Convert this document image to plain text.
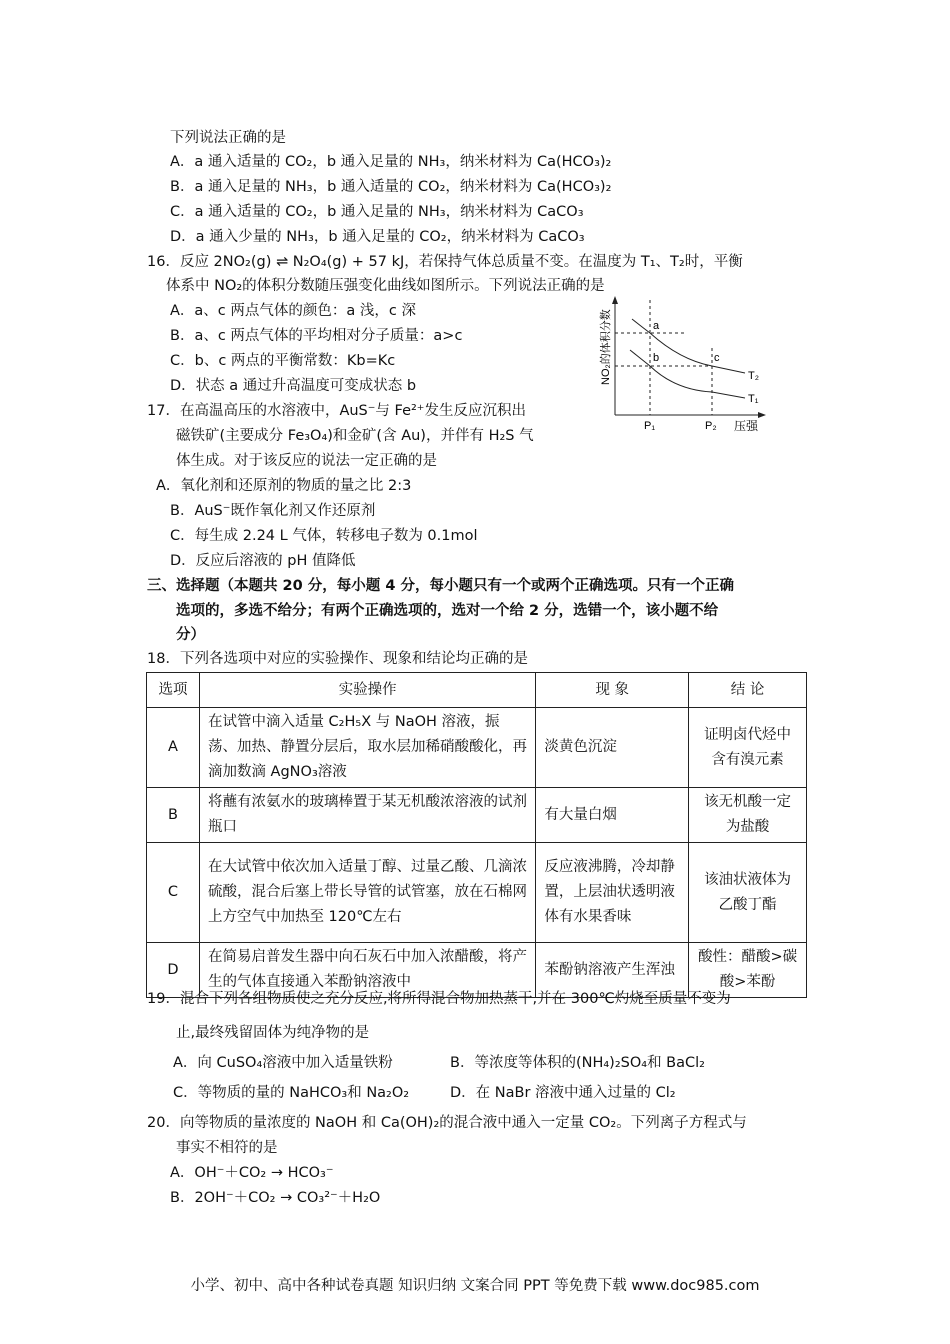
下列说法正确的是
A．a 通入适量的 CO₂，b 通入足量的 NH₃，纳米材料为 Ca(HCO₃)₂
B．a 通入足量的 NH₃，b 通入适量的 CO₂，纳米材料为 Ca(HCO₃)₂
C．a 通入适量的 CO₂，b 通入足量的 NH₃，纳米材料为 CaCO₃
D．a 通入少量的 NH₃，b 通入足量的 CO₂，纳米材料为 CaCO₃
16．反应 2NO₂(g) ⇌ N₂O₄(g) + 57 kJ，若保持气体总质量不变。在温度为 T₁、T₂时，平衡
体系中 NO₂的体积分数随压强变化曲线如图所示。下列说法正确的是
A．a、c 两点气体的颜色：a 浅，c 深
B．a、c 两点气体的平均相对分子质量：a>c
C．b、c 两点的平衡常数：Kb=Kc
D．状态 a 通过升高温度可变成状态 b
a
b	c
T₂
T₁
P₁	P₂ 压强
NO₂的体积分数
17．在高温高压的水溶液中，AuS⁻与 Fe²⁺发生反应沉积出
磁铁矿(主要成分 Fe₃O₄)和金矿(含 Au)，并伴有 H₂S 气
体生成。对于该反应的说法一定正确的是
A．氧化剂和还原剂的物质的量之比 2:3
B．AuS⁻既作氧化剂又作还原剂
C．每生成 2.24 L 气体，转移电子数为 0.1mol
D．反应后溶液的 pH 值降低
三、选择题（本题共 20 分，每小题 4 分，每小题只有一个或两个正确选项。只有一个正确
选项的，多选不给分；有两个正确选项的，选对一个给 2 分，选错一个，该小题不给
分）
18．下列各选项中对应的实验操作、现象和结论均正确的是
选项	实验操作	现 象	结 论
A	在试管中滴入适量 C₂H₅X 与 NaOH 溶液，振荡、加热、静置分层后，取水层加稀硝酸酸化，再滴加数滴 AgNO₃溶液	淡黄色沉淀	证明卤代烃中含有溴元素
B	将蘸有浓氨水的玻璃棒置于某无机酸浓溶液的试剂瓶口	有大量白烟	该无机酸一定为盐酸
C	在大试管中依次加入适量丁醇、过量乙酸、几滴浓硫酸，混合后塞上带长导管的试管塞，放在石棉网上方空气中加热至 120℃左右	反应液沸腾，冷却静置，上层油状透明液体有水果香味	该油状液体为乙酸丁酯
D	在简易启普发生器中向石灰石中加入浓醋酸，将产生的气体直接通入苯酚钠溶液中	苯酚钠溶液产生浑浊	酸性：醋酸>碳酸>苯酚
19．混合下列各组物质使之充分反应,将所得混合物加热蒸干,并在 300℃灼烧至质量不变为
止,最终残留固体为纯净物的是
A．向 CuSO₄溶液中加入适量铁粉	B．等浓度等体积的(NH₄)₂SO₄和 BaCl₂
C．等物质的量的 NaHCO₃和 Na₂O₂	D．在 NaBr 溶液中通入过量的 Cl₂
20．向等物质的量浓度的 NaOH 和 Ca(OH)₂的混合液中通入一定量 CO₂。下列离子方程式与
事实不相符的是
A．OH⁻＋CO₂ → HCO₃⁻
B．2OH⁻＋CO₂ → CO₃²⁻＋H₂O
小学、初中、高中各种试卷真题 知识归纳 文案合同 PPT 等免费下载 www.doc985.com
